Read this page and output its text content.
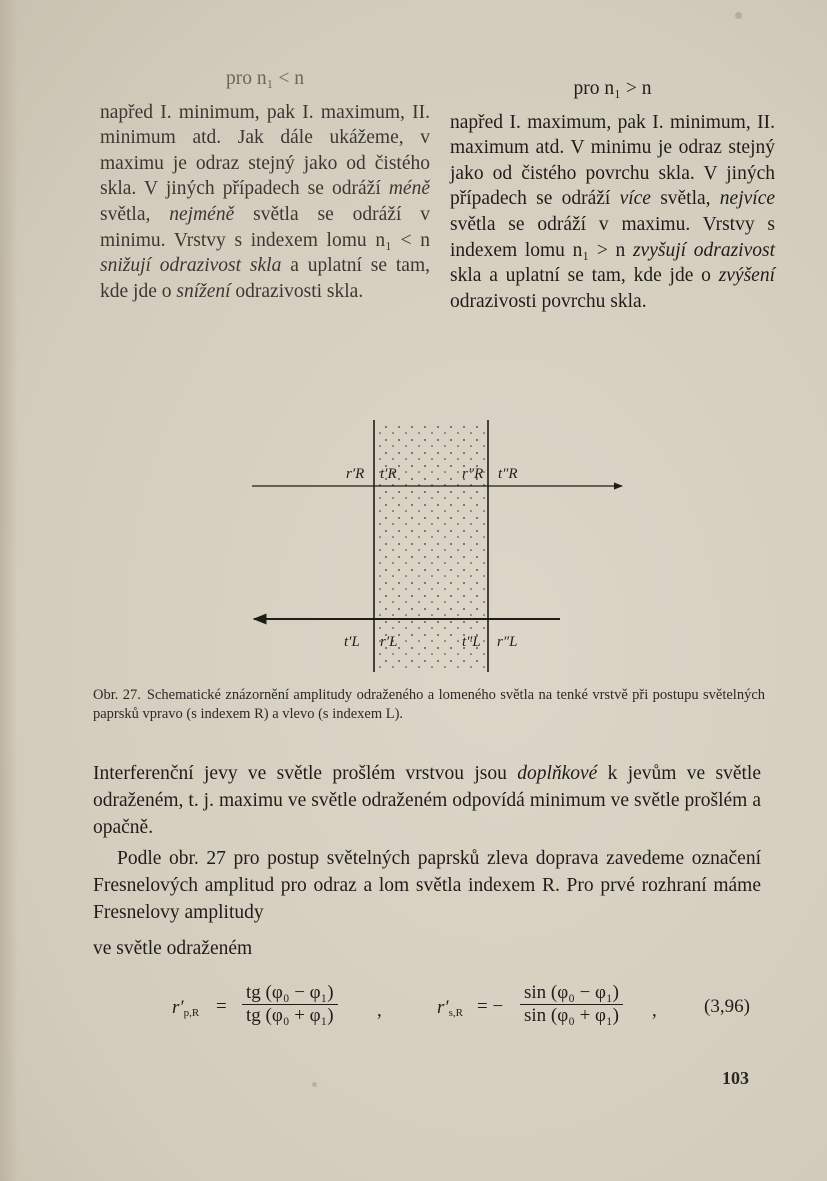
pro n₁ < n
napřed I. minimum, pak I. maximum, II. minimum atd. Jak dále ukážeme, v maximu je odraz stejný jako od čistého skla. V jiných případech se odráží méně světla, nejméně světla se odráží v minimu. Vrstvy s indexem lomu n₁ < n snižují odrazivost skla a uplatní se tam, kde jde o snížení odrazivosti skla.
pro n₁ > n
napřed I. maximum, pak I. minimum, II. maximum atd. V minimu je odraz stejný jako od čistého povrchu skla. V jiných případech se odráží více světla, nejvíce světla se odráží v maximu. Vrstvy s indexem lomu n₁ > n zvyšují odrazivost skla a uplatní se tam, kde jde o zvýšení odrazivosti povrchu skla.
r′R t′R	r″R t″R
t′L r′L	t″L r″L
Obr. 27. Schematické znázornění amplitudy odraženého a lomeného světla na tenké vrstvě při postupu světelných paprsků vpravo (s indexem R) a vlevo (s indexem L).
Interferenční jevy ve světle prošlém vrstvou jsou doplňkové k jevům ve světle odraženém, t. j. maximu ve světle odraženém odpovídá minimum ve světle prošlém a opačně.
Podle obr. 27 pro postup světelných paprsků zleva doprava zavedeme označení Fresnelových amplitud pro odraz a lom světla indexem R. Pro prvé rozhraní máme Fresnelovy amplitudy
ve světle odraženém
$r'_{p,R} = \frac{\text{tg (φ₀ − φ₁)}}{\text{tg (φ₀ + φ₁)}}$ ,	$r'_{s,R}$ = − $\frac{\text{sin (φ₀ − φ₁)}}{\text{sin (φ₀ + φ₁)}}$ , (3,96)
103
